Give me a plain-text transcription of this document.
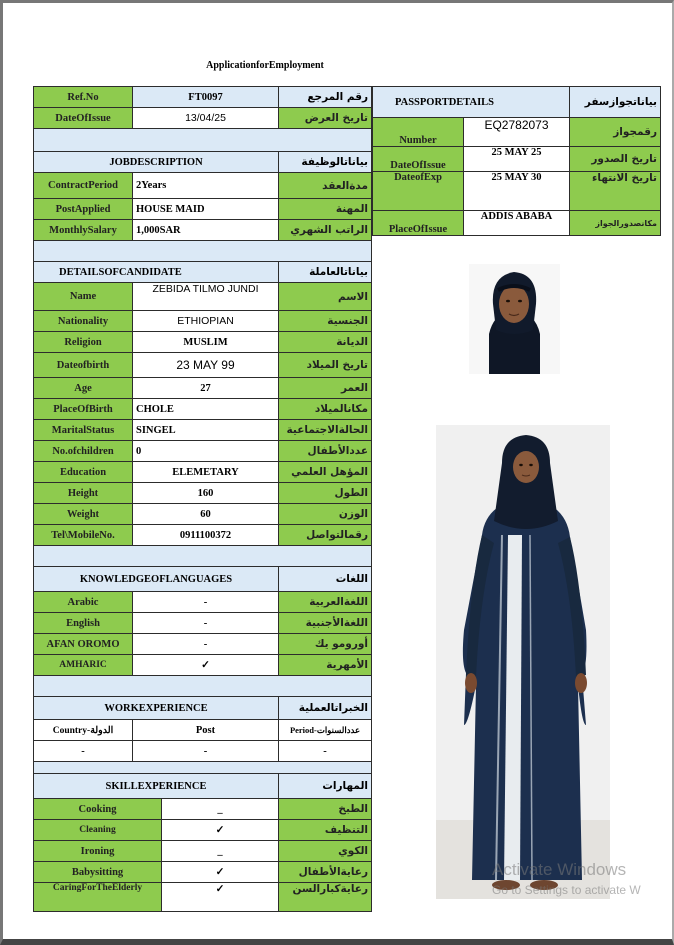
ApplicationforEmployment
Ref.No	FT0097	رقم المرجع
DateOfIssue	13/04/25	تاريخ العرض

JOBDESCRIPTION		بياناتالوظيفة
ContractPeriod	2Years	مدةالعقد
PostApplied	HOUSE MAID	المهنة
MonthlySalary	1,000SAR	الراتب الشهري

DETAILSOFCANDIDATE		بياناتالعاملة
Name	ZEBIDA TILMO JUNDI	الاسم
Nationality	ETHIOPIAN	الجنسية
Religion	MUSLIM	الديانة
Dateofbirth	23 MAY 99	تاريخ الميلاد
Age	27	العمر
PlaceOfBirth	CHOLE	مكانالميلاد
MaritalStatus	SINGEL	الحالةالاجتماعية
No.ofchildren	0	عددالأطفال
Education	ELEMETARY	المؤهل العلمي
Height	160	الطول
Weight	60	الوزن
Tel\MobileNo.	0911100372	رقمالتواصل

KNOWLEDGEOFLANGUAGES		اللغات
Arabic	-	اللغةالعربية
English	-	اللغةالأجنبية
AFAN OROMO	-	أورومو يك
AMHARIC	✓	الأمهرية

WORKEXPERIENCE		الخبراتالعملية
Country-الدولة	Post	Period-عددالسنوات
-	-	-

SKILLEXPERIENCE		المهارات
Cooking	_	الطبخ
Cleaning	✓	التنظيف
Ironing	_	الكوي
Babysitting	✓	رعايةالأطفال
CaringForTheElderly	✓	رعايةكبارالسن
PASSPORTDETAILS		بياناتجوازسفر
Number	EQ2782073	رقمجواز
DateOfIssue	25 MAY 25	تاريخ الصدور
DateofExp	25 MAY 30	تاريخ الانتهاء
PlaceOfIssue	ADDIS ABABA	مكانصدورالجواز
Activate Windows
Go to Settings to activate W
